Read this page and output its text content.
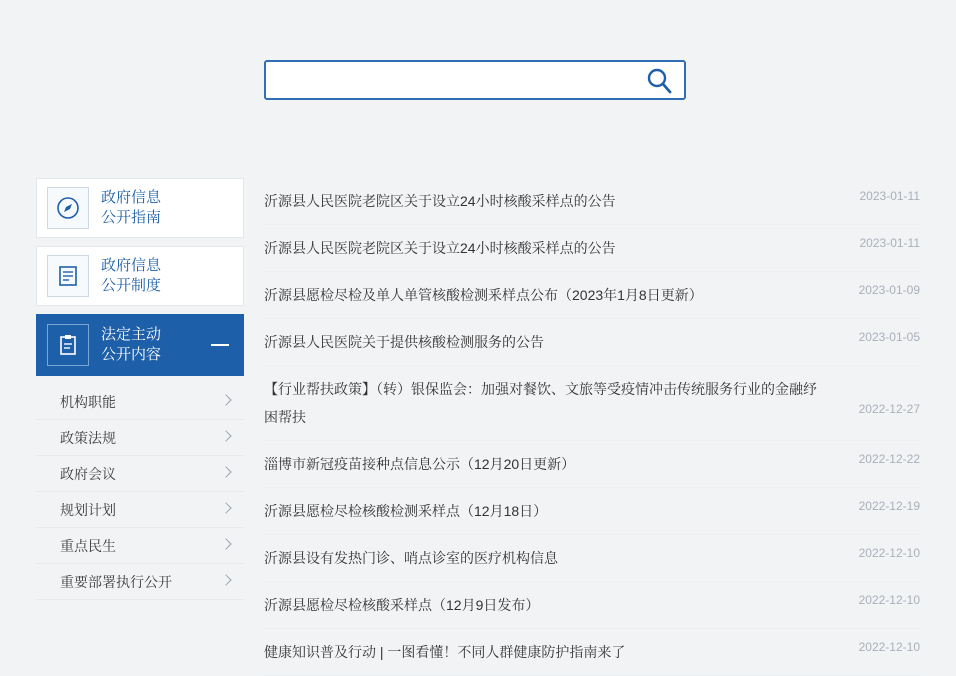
政府信息
公开指南
政府信息
公开制度
法定主动
公开内容
机构职能
政策法规
政府会议
规划计划
重点民生
重要部署执行公开
沂源县人民医院老院区关于设立24小时核酸采样点的公告	2023-01-11
沂源县人民医院老院区关于设立24小时核酸采样点的公告	2023-01-11
沂源县愿检尽检及单人单管核酸检测釆样点公布（2023年1月8日更新）	2023-01-09
沂源县人民医院关于提供核酸检测服务的公告	2023-01-05
【行业帮扶政策】（转）银保监会：加强对餐饮、文旅等受疫情冲击传统服务行业的金融纾困帮扶	2022-12-27
淄博市新冠疫苗接种点信息公示（12月20日更新）	2022-12-22
沂源县愿检尽检核酸检测釆样点（12月18日）	2022-12-19
沂源县设有发热门诊、哨点诊室的医疗机构信息	2022-12-10
沂源县愿检尽检核酸釆样点（12月9日发布）	2022-12-10
健康知识普及行动 | 一图看懂！不同人群健康防护指南来了	2022-12-10
